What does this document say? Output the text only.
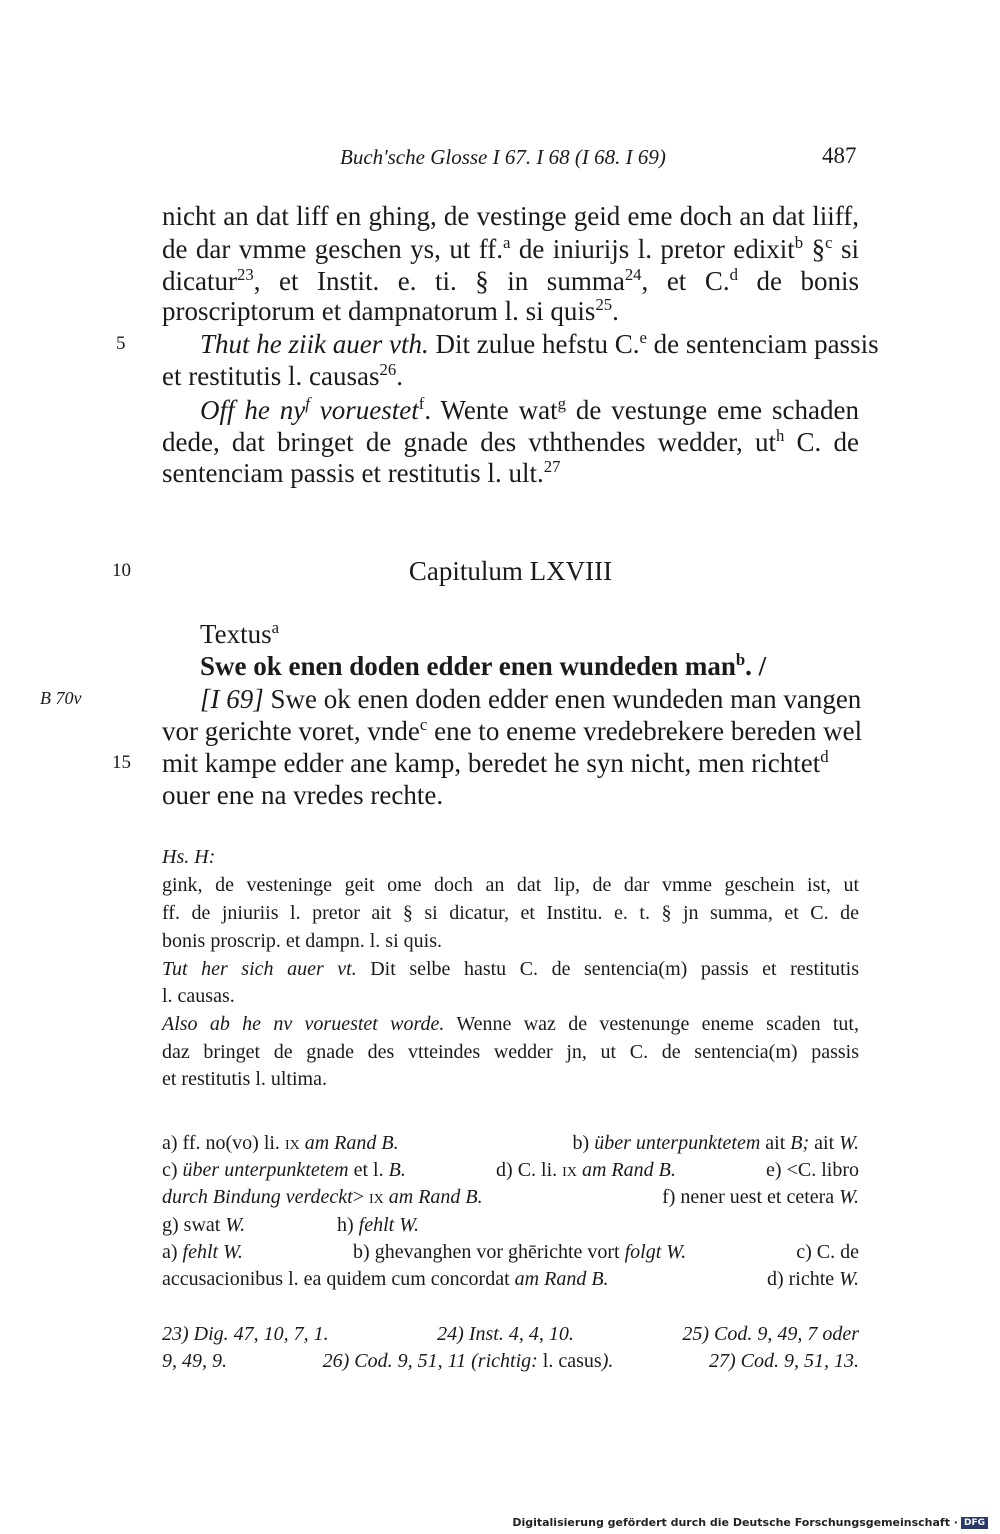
Buch'sche Glosse I 67. I 68 (I 68. I 69)	487
nicht an dat liff en ghing, de vestinge geid eme doch an dat liiff,
de dar vmme geschen ys, ut ff.$^a$ de iniurijs l. pretor edixit$^b$ §$^c$ si
dicatur$^{23}$, et Instit. e. ti. § in summa$^{24}$, et C.$^d$ de bonis
proscriptorum et dampnatorum l. si quis$^{25}$.
Thut he ziik auer vth. Dit zulue hefstu C.$^e$ de sentenciam passis
et restitutis l. causas$^{26}$.
Off he $ny^f$ voruestet$^f$. Wente wat$^g$ de vestunge eme schaden
dede, dat bringet de gnade des vththendes wedder, $ut^h$ C. de
sentenciam passis et restitutis l. ult.$^{27}$
5
10
15
Capitulum LXVIII
Textus$^a$
Swe ok enen doden edder enen wundeden man$^b$. /
[I 69] Swe ok enen doden edder enen wundeden man vangen
vor gerichte voret, vnde$^c$ ene to eneme vredebrekere bereden wel
mit kampe edder ane kamp, beredet he syn nicht, men richtet$^d$
ouer ene na vredes rechte.
B 70v
Hs. H:
gink, de vesteninge geit ome doch an dat lip, de dar vmme geschein ist, ut
ff. de jniuriis l. pretor ait § si dicatur, et Institu. e. t. § jn summa, et C. de
bonis proscrip. et dampn. l. si quis.
Tut her sich auer vt. Dit selbe hastu C. de sentencia(m) passis et restitutis
l. causas.
Also ab he nv voruestet worde. Wenne waz de vestenunge eneme scaden tut,
daz bringet de gnade des vtteindes wedder jn, ut C. de sentencia(m) passis
et restitutis l. ultima.
a) ff. no(vo) li. ix am Rand B.	b) über unterpunktetem ait B; ait W.
c) über unterpunktetem et l. B.	d) C. li. ix am Rand B.	e) <C. libro
durch Bindung verdeckt> ix am Rand B.	f) nener uest et cetera W.
g) swat W.	h) fehlt W.
a) fehlt W.	b) ghevanghen vor ghērichte vort folgt W.	c) C. de
accusacionibus l. ea quidem cum concordat am Rand B.	d) richte W.
23) Dig. 47, 10, 7, 1.	24) Inst. 4, 4, 10.	25) Cod. 9, 49, 7 oder
9, 49, 9.	26) Cod. 9, 51, 11 (richtig: l. casus).	27) Cod. 9, 51, 13.
Digitalisierung gefördert durch die Deutsche Forschungsgemeinschaft · DFG
